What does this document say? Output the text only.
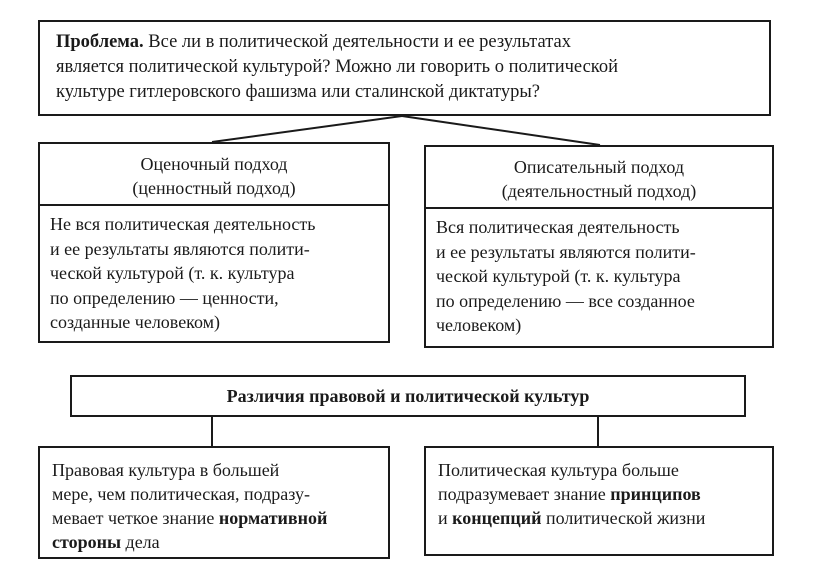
Проблема. Все ли в политической деятельности и ее результатах
является политической культурой? Можно ли говорить о политической
культуре гитлеровского фашизма или сталинской диктатуры?
Оценочный подход
(ценностный подход)
Не вся политическая деятельность
и ее результаты являются полити-
ческой культурой (т. к. культура
по определению — ценности,
созданные человеком)
Описательный подход
(деятельностный подход)
Вся политическая деятельность
и ее результаты являются полити-
ческой культурой (т. к. культура
по определению — все созданное
человеком)
Различия правовой и политической культур
Правовая культура в большей
мере, чем политическая, подразу-
мевает четкое знание нормативной
стороны дела
Политическая культура больше
подразумевает знание принципов
и концепций политической жизни
